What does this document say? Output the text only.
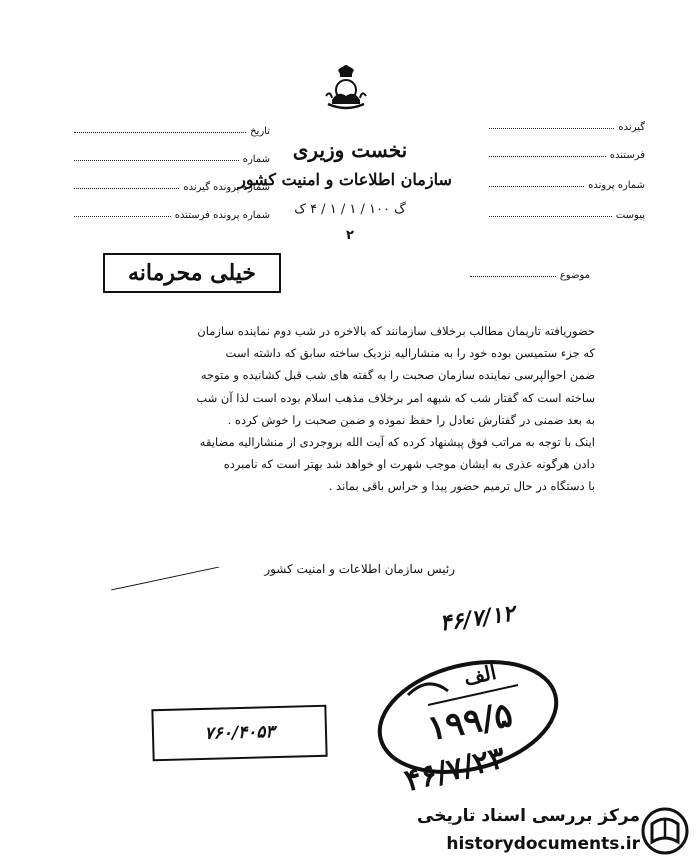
نخست وزیری
سازمان اطلاعات و امنیت کشور
گ ۱۰۰ / ۱ / ۱ / ۴ ک
۲
تاریخ
شماره
شماره پرونده گیرنده
شماره پرونده فرستنده
گیرنده
فرستنده
شماره پرونده
پیوست
خیلی محرمانه	موضوع

حضوریافته تاریمان مطالب برخلاف سازمانند که بالاخره در شب دوم نماینده سازمان

که جزء ستمیسن بوده خود را به منشاراليه نزدیک ساخته سابق که داشته است

ضمن احوالپرسی نماینده سازمان صحبت را به گفته های شب قبل کشانیده و متوجه

ساخته است که گفتار شب که شبهه امر برخلاف مذهب اسلام بوده است لذا آن شب

به بعد ضمنی در گفتارش تعادل را حفظ نموده و ضمن صحبت را خوش کرده .

اینک با توجه به مراتب فوق پیشنهاد کرده که آیت الله بروجردی از منشاراليه مضایقه

دادن هرگونه عذری به ایشان موجب شهرت او خواهد شد بهتر است که نامبرده

با دستگاه در حال ترمیم حضور پیدا و حراس باقی بماند .

رئیس سازمان اطلاعات و امنیت کشور
۴۶/۷/۱۲
۷۶۰/۴۰۵۳
الف
۱۹۹/۵
۴۶/۷/۲۳
مرکز بررسی اسناد تاریخی
historydocuments.ir
